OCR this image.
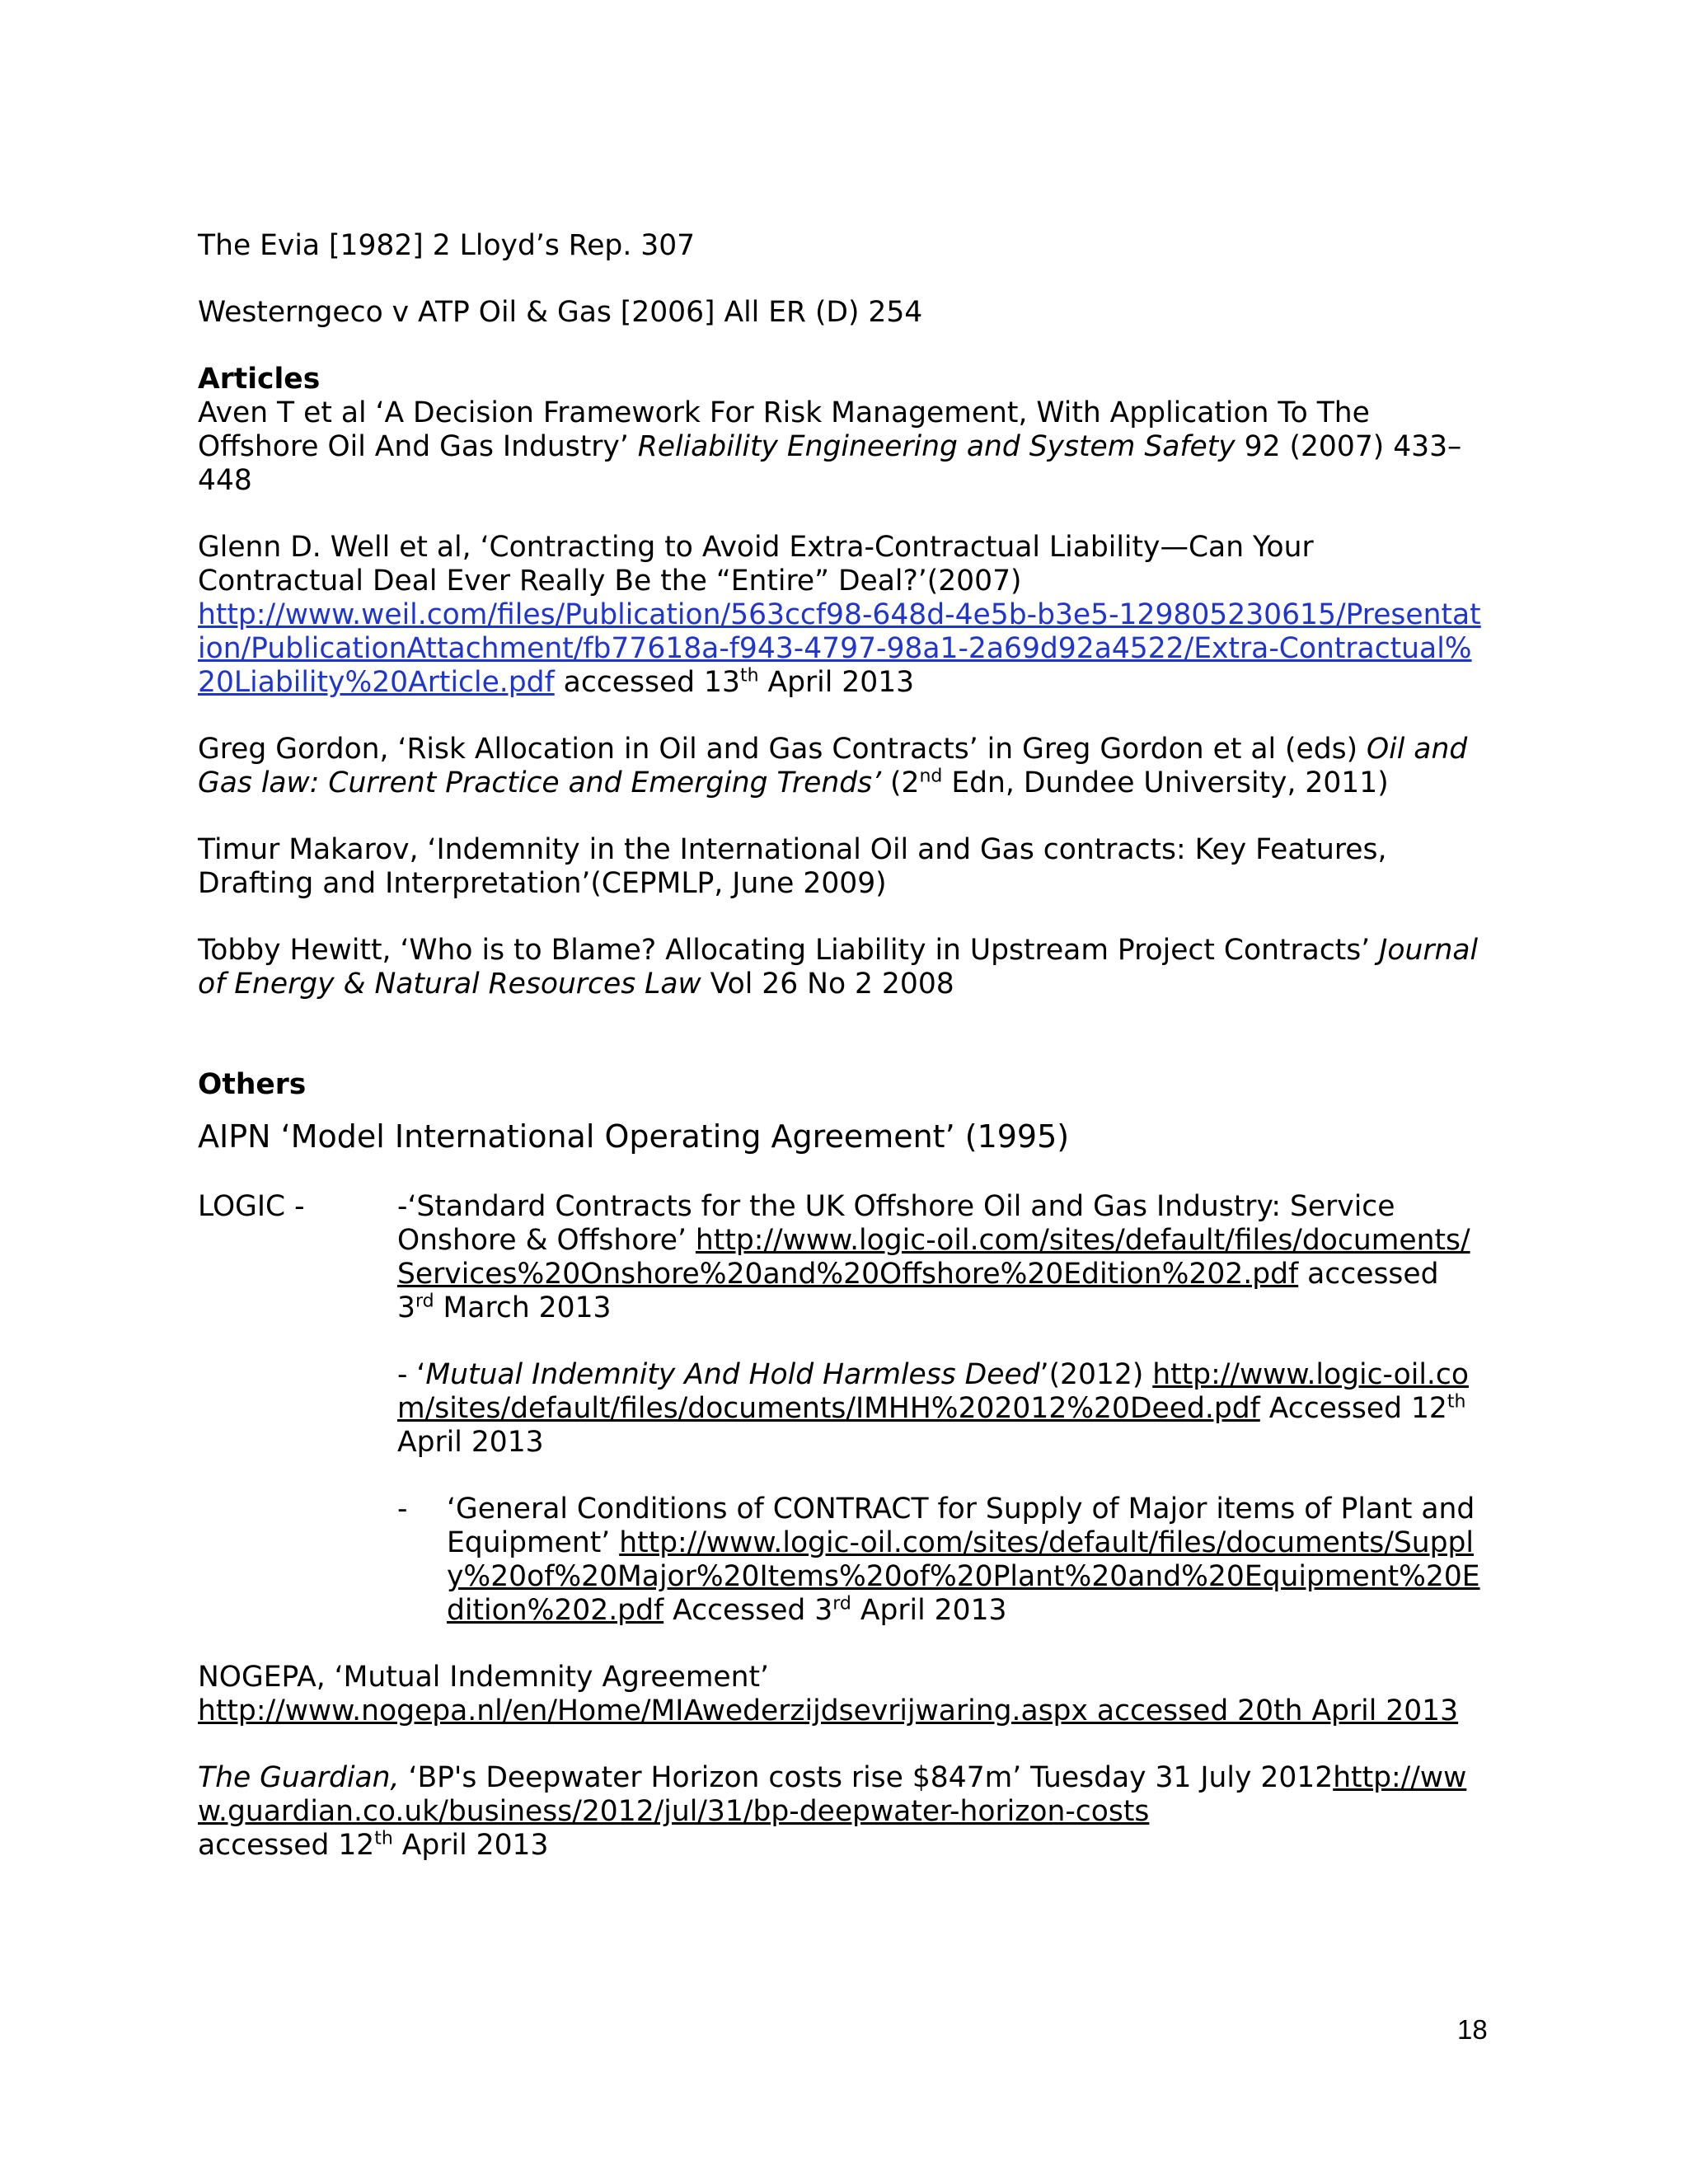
The Evia [1982] 2 Lloyd’s Rep. 307

Westerngeco v ATP Oil & Gas [2006] All ER (D) 254

Articles

Aven T et al ‘A Decision Framework For Risk Management, With Application To The Offshore Oil And Gas Industry’ Reliability Engineering and System Safety 92 (2007) 433–448

Glenn D. Well et al, ‘Contracting to Avoid Extra-Contractual Liability—Can Your Contractual Deal Ever Really Be the “Entire” Deal?’(2007)
http://www.weil.com/files/Publication/563ccf98-648d-4e5b-b3e5-129805230615/Presentation/PublicationAttachment/fb77618a-f943-4797-98a1-2a69d92a4522/Extra-Contractual%20Liability%20Article.pdf accessed 13th April 2013

Greg Gordon, ‘Risk Allocation in Oil and Gas Contracts’ in Greg Gordon et al (eds) Oil and Gas law: Current Practice and Emerging Trends’ (2nd Edn, Dundee University, 2011)

Timur Makarov, ‘Indemnity in the International Oil and Gas contracts: Key Features, Drafting and Interpretation’(CEPMLP, June 2009)

Tobby Hewitt, ‘Who is to Blame? Allocating Liability in Upstream Project Contracts’ Journal of Energy & Natural Resources Law Vol 26 No 2 2008

Others

AIPN ‘Model International Operating Agreement’ (1995)

LOGIC -	-‘Standard Contracts for the UK Offshore Oil and Gas Industry: Service Onshore & Offshore’ http://www.logic-oil.com/sites/default/files/documents/Services%20Onshore%20and%20Offshore%20Edition%202.pdf accessed 3rd March 2013

- ‘Mutual Indemnity And Hold Harmless Deed’(2012) http://www.logic-oil.com/sites/default/files/documents/IMHH%202012%20Deed.pdf Accessed 12th April 2013

-	‘General Conditions of CONTRACT for Supply of Major items of Plant and Equipment’ http://www.logic-oil.com/sites/default/files/documents/Supply%20of%20Major%20Items%20of%20Plant%20and%20Equipment%20Edition%202.pdf Accessed 3rd April 2013

NOGEPA, ‘Mutual Indemnity Agreement’
http://www.nogepa.nl/en/Home/MIAwederzijdsevrijwaring.aspx accessed 20th April 2013

The Guardian, ‘BP's Deepwater Horizon costs rise $847m’ Tuesday 31 July 2012http://www.guardian.co.uk/business/2012/jul/31/bp-deepwater-horizon-costs
accessed 12th April 2013

18
